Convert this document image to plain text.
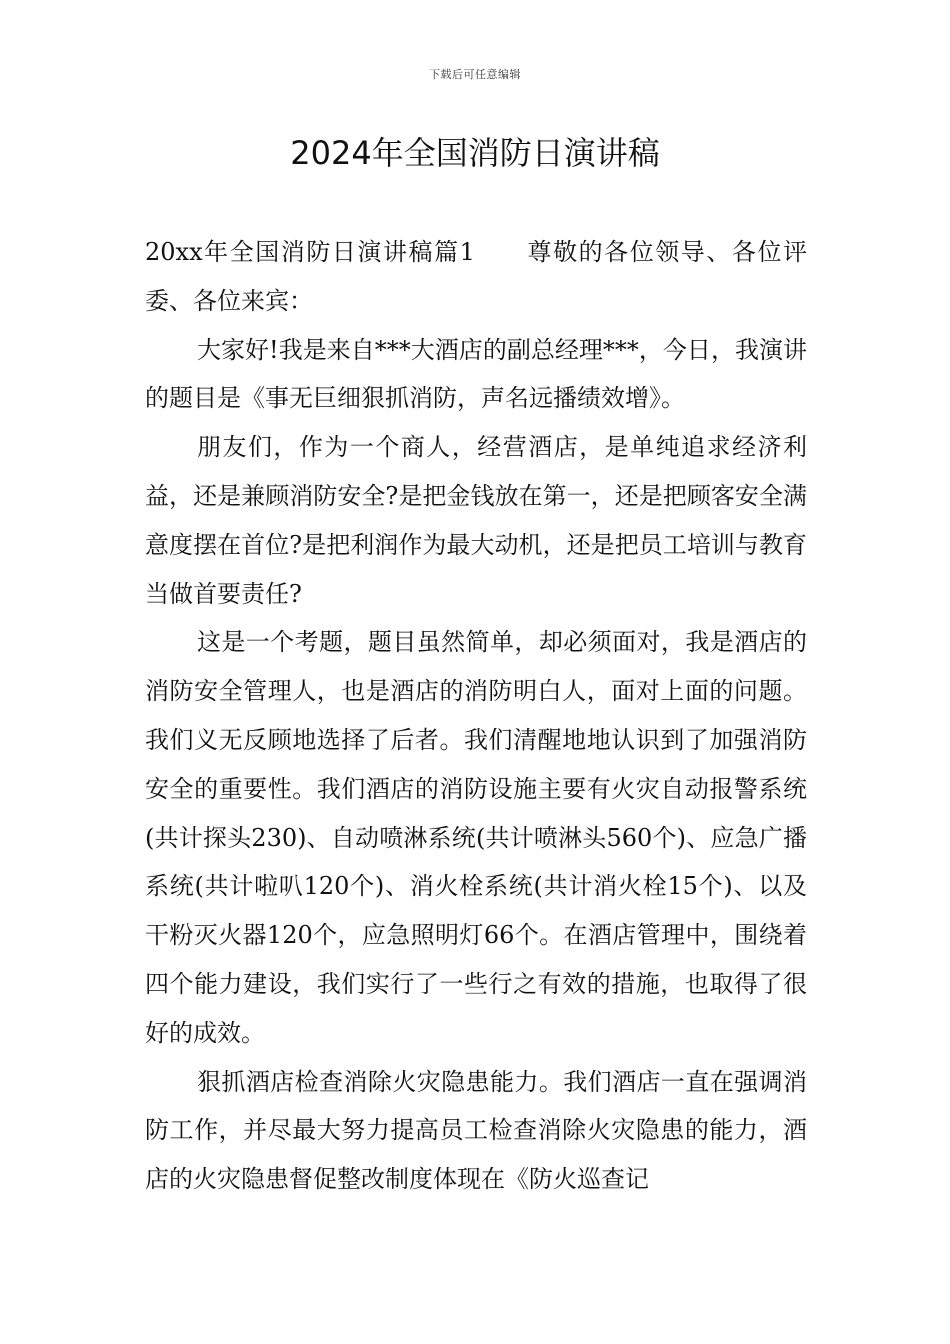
下载后可任意编辑
2024年全国消防日演讲稿

20xx年全国消防日演讲稿篇1　　尊敬的各位领导、各位评委、各位来宾：

大家好!我是来自***大酒店的副总经理***，今日，我演讲的题目是《事无巨细狠抓消防，声名远播绩效增》。

朋友们，作为一个商人，经营酒店，是单纯追求经济利益，还是兼顾消防安全?是把金钱放在第一，还是把顾客安全满意度摆在首位?是把利润作为最大动机，还是把员工培训与教育当做首要责任?

这是一个考题，题目虽然简单，却必须面对，我是酒店的消防安全管理人，也是酒店的消防明白人，面对上面的问题。我们义无反顾地选择了后者。我们清醒地地认识到了加强消防安全的重要性。我们酒店的消防设施主要有火灾自动报警系统(共计探头230)、自动喷淋系统(共计喷淋头560个)、应急广播系统(共计啦叭120个)、消火栓系统(共计消火栓15个)、以及干粉灭火器120个，应急照明灯66个。在酒店管理中，围绕着四个能力建设，我们实行了一些行之有效的措施，也取得了很好的成效。

狠抓酒店检查消除火灾隐患能力。我们酒店一直在强调消防工作，并尽最大努力提高员工检查消除火灾隐患的能力，酒店的火灾隐患督促整改制度体现在《防火巡查记
